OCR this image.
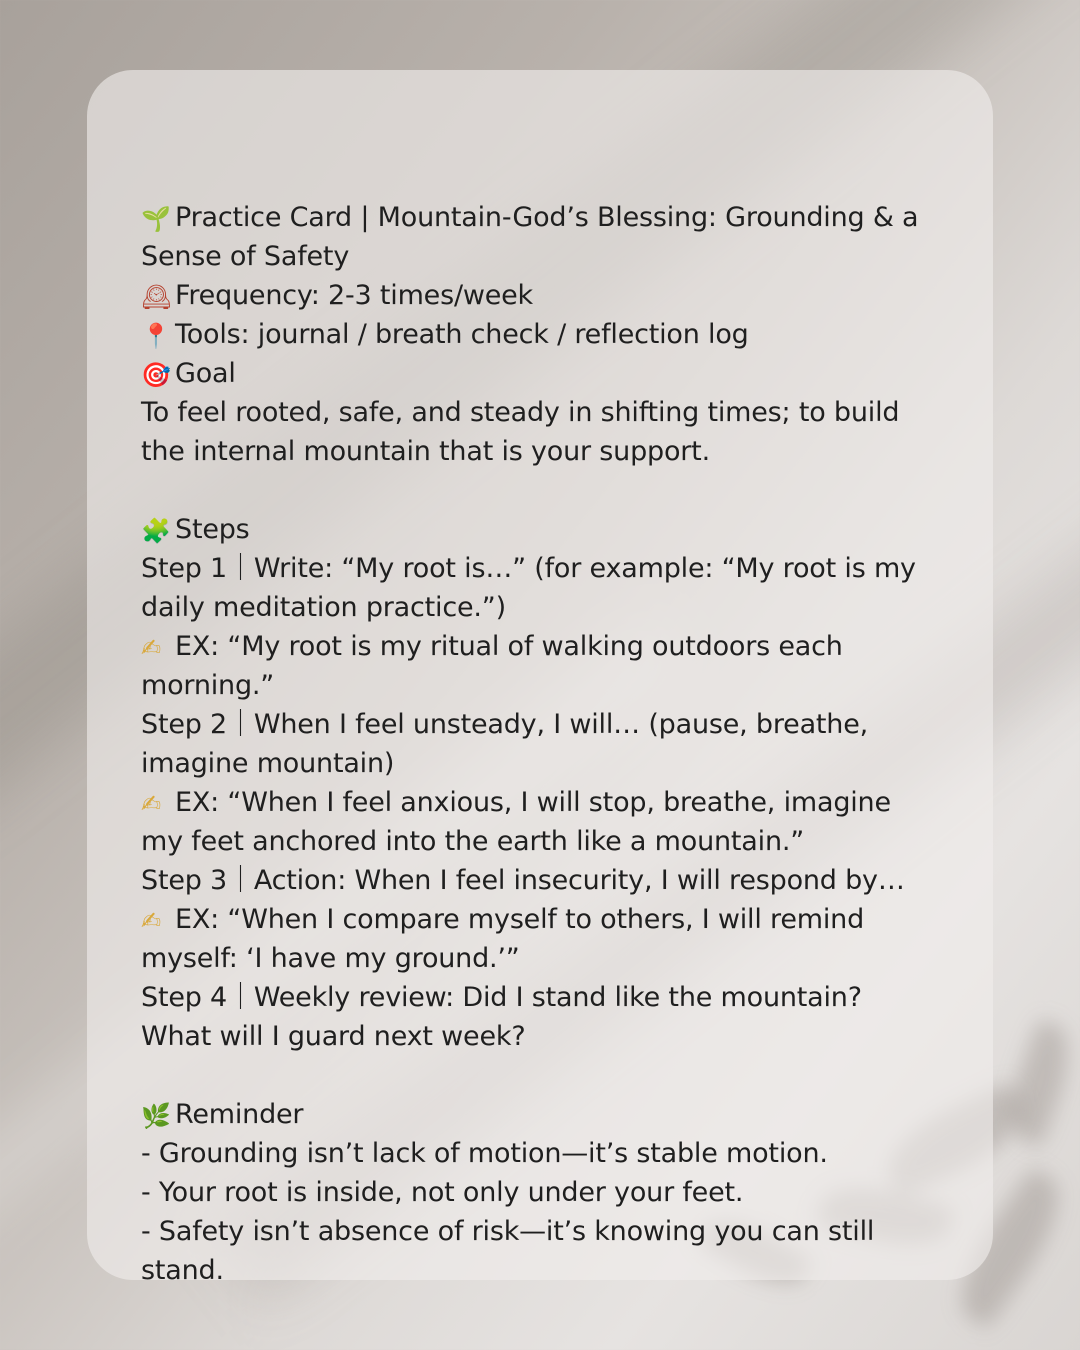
🌱 Practice Card | Mountain-God’s Blessing: Grounding & a Sense of Safety
🕰 Frequency: 2-3 times/week
📍 Tools: journal / breath check / reflection log
🎯 Goal
To feel rooted, safe, and steady in shifting times; to build the internal mountain that is your support.
🧩 Steps
Step 1｜Write: “My root is…” (for example: “My root is my daily meditation practice.”)
✍ EX: “My root is my ritual of walking outdoors each morning.”
Step 2｜When I feel unsteady, I will… (pause, breathe, imagine mountain)
✍ EX: “When I feel anxious, I will stop, breathe, imagine my feet anchored into the earth like a mountain.”
Step 3｜Action: When I feel insecurity, I will respond by…
✍ EX: “When I compare myself to others, I will remind myself: ‘I have my ground.’”
Step 4｜Weekly review: Did I stand like the mountain? What will I guard next week?
🌿 Reminder
- Grounding isn’t lack of motion—it’s stable motion.
- Your root is inside, not only under your feet.
- Safety isn’t absence of risk—it’s knowing you can still stand.
